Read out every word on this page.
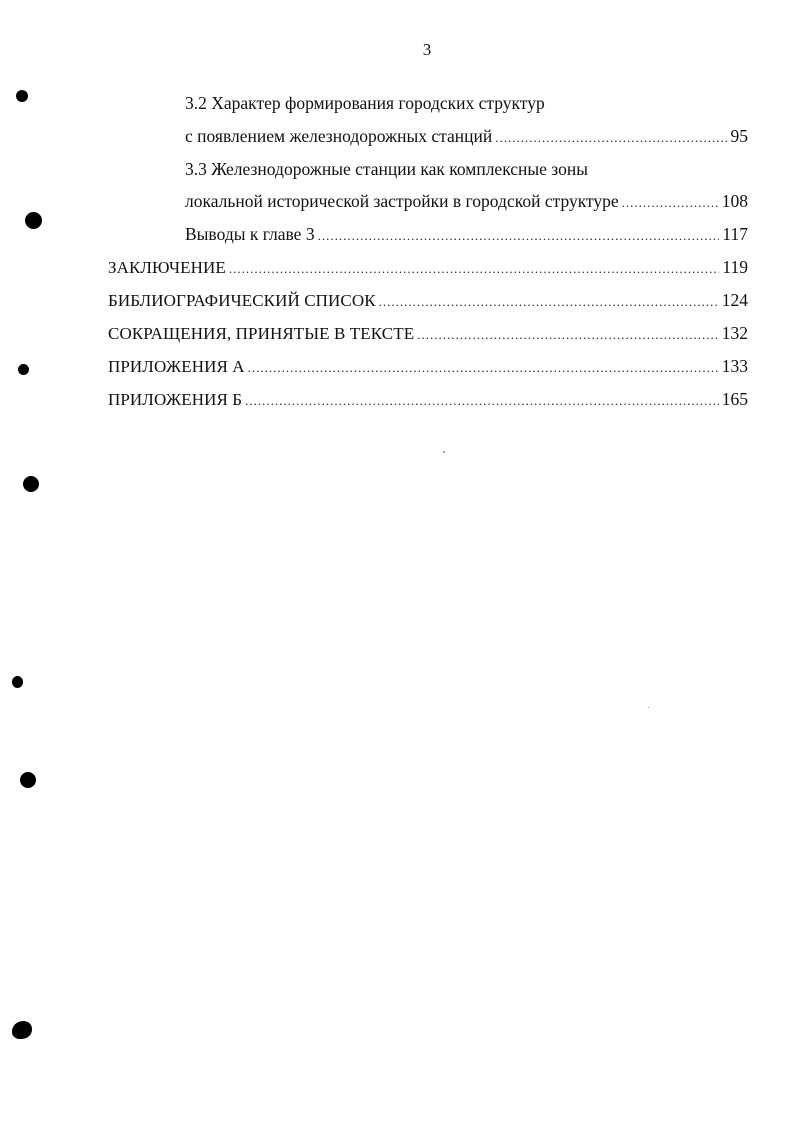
3
3.2 Характер формирования городских структур
с появлением железнодорожных станций .....	95
3.3 Железнодорожные станции как комплексные зоны
локальной исторической застройки в городской структуре .....	108
Выводы к главе 3 .....	117
ЗАКЛЮЧЕНИЕ .....	119
БИБЛИОГРАФИЧЕСКИЙ СПИСОК .....	124
СОКРАЩЕНИЯ, ПРИНЯТЫЕ В ТЕКСТЕ .....	132
ПРИЛОЖЕНИЯ А .....	133
ПРИЛОЖЕНИЯ Б .....	165
